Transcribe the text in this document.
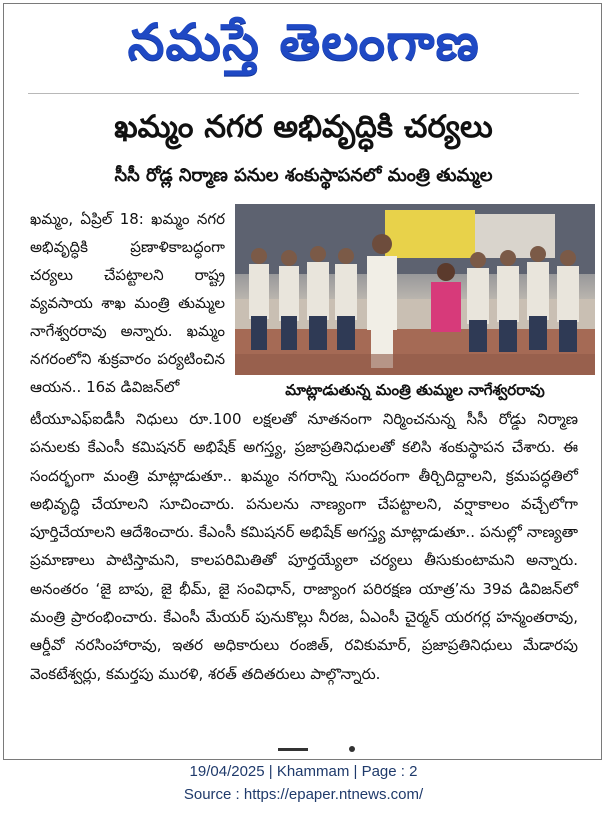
నమస్తే తెలంగాణ
ఖమ్మం నగర అభివృద్ధికి చర్యలు
సీసీ రోడ్ల నిర్మాణ పనుల శంకుస్థాపనలో మంత్రి తుమ్మల

ఖమ్మం, ఏప్రిల్ 18: ఖమ్మం నగర అభివృద్ధికి ప్రణాళికాబద్ధంగా చర్యలు చేపట్టాలని రాష్ట్ర వ్యవసాయ శాఖ మంత్రి తుమ్మల నాగేశ్వరరావు అన్నారు. ఖమ్మం నగరంలోని శుక్రవారం పర్యటించిన ఆయన.. 16వ డివిజన్‌లో	మాట్లాడుతున్న మంత్రి తుమ్మల నాగేశ్వరరావు

టీయూఎఫ్ఐడీసీ నిధులు రూ.100 లక్షలతో నూతనంగా నిర్మించనున్న సీసీ రోడ్డు నిర్మాణ పనులకు కేఎంసీ కమిషనర్ అభిషేక్ అగస్త్య, ప్రజాప్రతినిధులతో కలిసి శంకుస్థాపన చేశారు. ఈ సందర్భంగా మంత్రి మాట్లాడుతూ.. ఖమ్మం నగరాన్ని సుందరంగా తీర్చిదిద్దాలని, క్రమపద్ధతిలో అభివృద్ధి చేయాలని సూచించారు. పనులను నాణ్యంగా చేపట్టాలని, వర్షాకాలం వచ్చేలోగా పూర్తిచేయాలని ఆదేశించారు. కేఎంసీ కమిషనర్ అభిషేక్ అగస్త్య మాట్లాడుతూ.. పనుల్లో నాణ్యతా ప్రమాణాలు పాటిస్తామని, కాలపరిమితితో పూర్తయ్యేలా చర్యలు తీసుకుంటామని అన్నారు. అనంతరం ‘జై బాపు, జై భీమ్, జై సంవిధాన్, రాజ్యాంగ పరిరక్షణ యాత్ర’ను 39వ డివిజన్‌లో మంత్రి ప్రారంభించారు. కేఎంసీ మేయర్ పునుకొల్లు నీరజ, ఏఎంసీ చైర్మన్ యరగర్ల హన్మంతరావు, ఆర్డీవో నరసింహారావు, ఇతర అధికారులు రంజిత్, రవికుమార్, ప్రజాప్రతినిధులు మేడారపు వెంకటేశ్వర్లు, కమర్తపు మురళి, శరత్ తదితరులు పాల్గొన్నారు.

19/04/2025 | Khammam | Page : 2
Source : https://epaper.ntnews.com/
